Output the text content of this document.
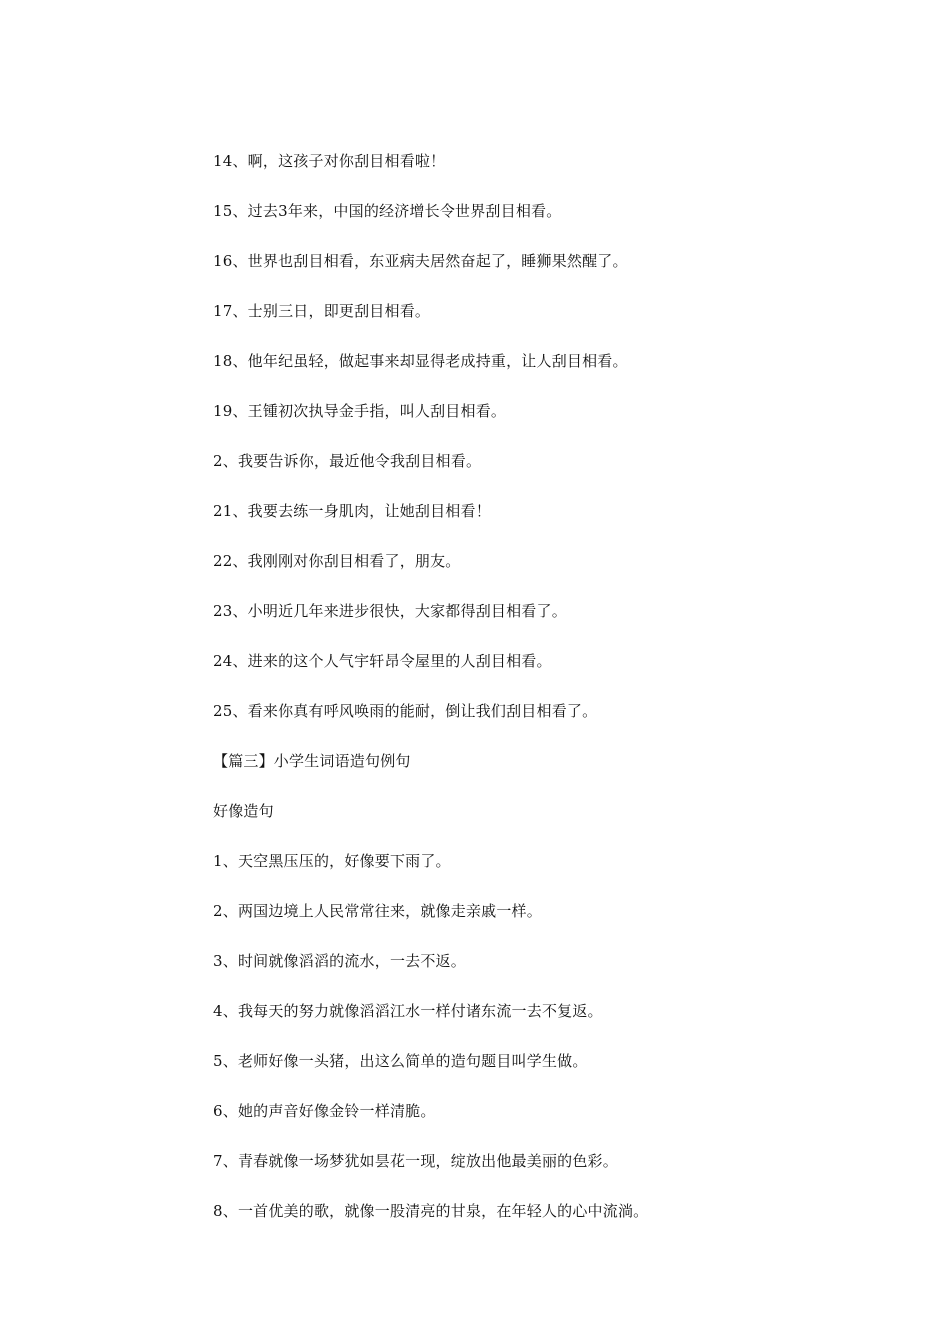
14、啊，这孩子对你刮目相看啦！
15、过去3年来，中国的经济增长令世界刮目相看。
16、世界也刮目相看，东亚病夫居然奋起了，睡狮果然醒了。
17、士别三日，即更刮目相看。
18、他年纪虽轻，做起事来却显得老成持重，让人刮目相看。
19、王锺初次执导金手指，叫人刮目相看。
2、我要告诉你，最近他令我刮目相看。
21、我要去练一身肌肉，让她刮目相看！
22、我刚刚对你刮目相看了，朋友。
23、小明近几年来进步很快，大家都得刮目相看了。
24、进来的这个人气宇轩昂令屋里的人刮目相看。
25、看来你真有呼风唤雨的能耐，倒让我们刮目相看了。
【篇三】小学生词语造句例句
好像造句
1、天空黑压压的，好像要下雨了。
2、两国边境上人民常常往来，就像走亲戚一样。
3、时间就像滔滔的流水，一去不返。
4、我每天的努力就像滔滔江水一样付诸东流一去不复返。
5、老师好像一头猪，出这么简单的造句题目叫学生做。
6、她的声音好像金铃一样清脆。
7、青春就像一场梦犹如昙花一现，绽放出他最美丽的色彩。
8、一首优美的歌，就像一股清亮的甘泉，在年轻人的心中流淌。
